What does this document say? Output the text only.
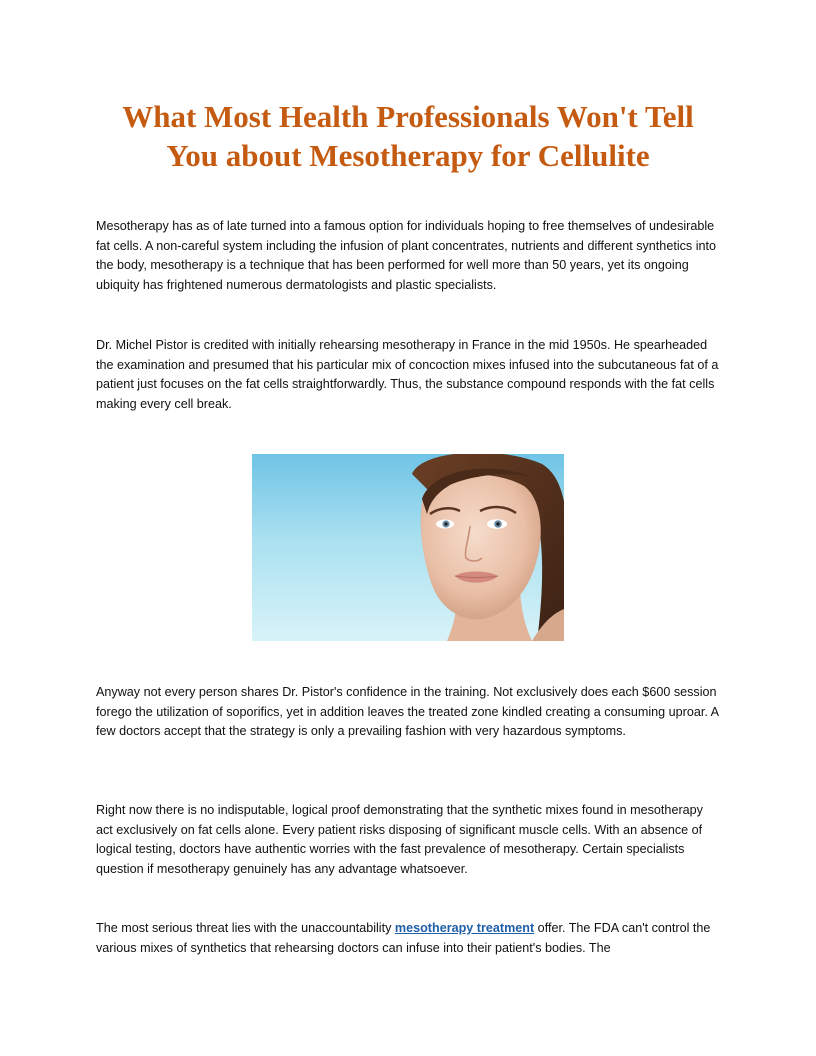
What Most Health Professionals Won't Tell You about Mesotherapy for Cellulite

Mesotherapy has as of late turned into a famous option for individuals hoping to free themselves of undesirable fat cells. A non-careful system including the infusion of plant concentrates, nutrients and different synthetics into the body, mesotherapy is a technique that has been performed for well more than 50 years, yet its ongoing ubiquity has frightened numerous dermatologists and plastic specialists.

Dr. Michel Pistor is credited with initially rehearsing mesotherapy in France in the mid 1950s. He spearheaded the examination and presumed that his particular mix of concoction mixes infused into the subcutaneous fat of a patient just focuses on the fat cells straightforwardly. Thus, the substance compound responds with the fat cells making every cell break.

Anyway not every person shares Dr. Pistor's confidence in the training. Not exclusively does each $600 session forego the utilization of soporifics, yet in addition leaves the treated zone kindled creating a consuming uproar. A few doctors accept that the strategy is only a prevailing fashion with very hazardous symptoms.

Right now there is no indisputable, logical proof demonstrating that the synthetic mixes found in mesotherapy act exclusively on fat cells alone. Every patient risks disposing of significant muscle cells. With an absence of logical testing, doctors have authentic worries with the fast prevalence of mesotherapy. Certain specialists question if mesotherapy genuinely has any advantage whatsoever.

The most serious threat lies with the unaccountability mesotherapy treatment offer. The FDA can't control the various mixes of synthetics that rehearsing doctors can infuse into their patient's bodies. The
